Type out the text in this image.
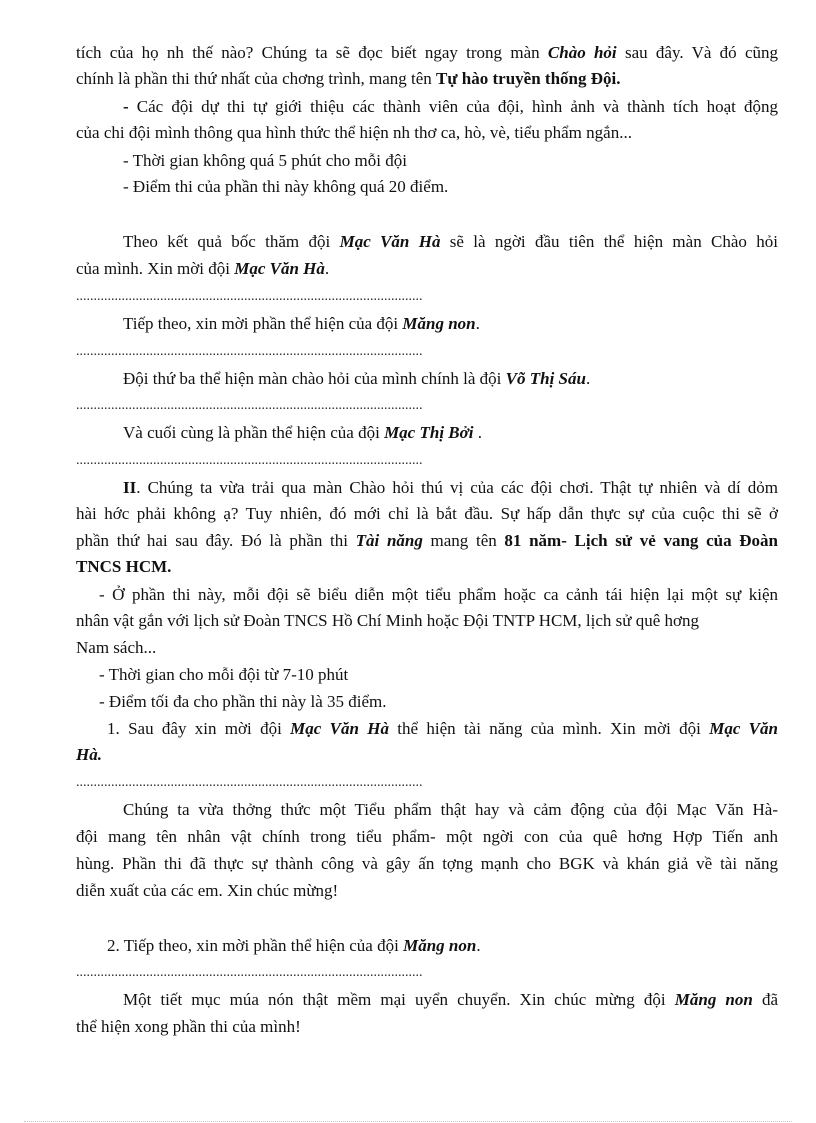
tích của họ nh thế nào? Chúng ta sẽ đọc biết ngay trong màn Chào hỏi sau đây. Và đó cũng
chính là phần thi thứ nhất của chơng trình, mang tên Tự hào truyền thống Đội.
- Các đội dự thi tự giới thiệu các thành viên của đội, hình ảnh và thành tích hoạt động
của chi đội mình thông qua hình thức thể hiện nh thơ ca, hò, vè, tiểu phẩm ngắn...
- Thời gian không quá 5 phút cho mỗi đội
- Điểm thi của phần thi này không quá 20 điểm.
Theo kết quả bốc thăm đội Mạc Văn Hà sẽ là ngời đầu tiên thể hiện màn Chào hỏi
của mình. Xin mời đội Mạc Văn Hà.
...................................................................................................
Tiếp theo, xin mời phần thể hiện của đội Măng non.
...................................................................................................
Đội thứ ba thể hiện màn chào hỏi của mình chính là đội Võ Thị Sáu.
...................................................................................................
Và cuối cùng là phần thể hiện của đội Mạc Thị Bởi .
...................................................................................................
II. Chúng ta vừa trải qua màn Chào hỏi thú vị của các đội chơi. Thật tự nhiên và dí dỏm
hài hớc phải không ạ? Tuy nhiên, đó mới chỉ là bắt đầu. Sự hấp dẫn thực sự của cuộc thi sẽ ở
phần thứ hai sau đây. Đó là phần thi Tài năng mang tên 81 năm- Lịch sử vẻ vang của Đoàn
TNCS HCM.
- Ở phần thi này, mỗi đội sẽ biểu diễn một tiểu phẩm hoặc ca cảnh tái hiện lại một sự kiện
nhân vật gắn với lịch sử Đoàn TNCS Hồ Chí Minh hoặc Đội TNTP HCM, lịch sử quê hơng
Nam sách...
- Thời gian cho mỗi đội từ 7-10 phút
- Điểm tối đa cho phần thi này là 35 điểm.
1. Sau đây xin mời đội Mạc Văn Hà thể hiện tài năng của mình. Xin mời đội Mạc Văn
Hà.
...................................................................................................
Chúng ta vừa thởng thức một Tiểu phẩm thật hay và cảm động của đội Mạc Văn Hà-
đội mang tên nhân vật chính trong tiểu phẩm- một ngời con của quê hơng Hợp Tiến anh
hùng. Phần thi đã thực sự thành công và gây ấn tợng mạnh cho BGK và khán giả về tài năng
diễn xuất của các em. Xin chúc mừng!
2. Tiếp theo, xin mời phần thể hiện của đội Măng non.
...................................................................................................
Một tiết mục múa nón thật mềm mại uyển chuyển. Xin chúc mừng đội Măng non đã
thể hiện xong phần thi của mình!
